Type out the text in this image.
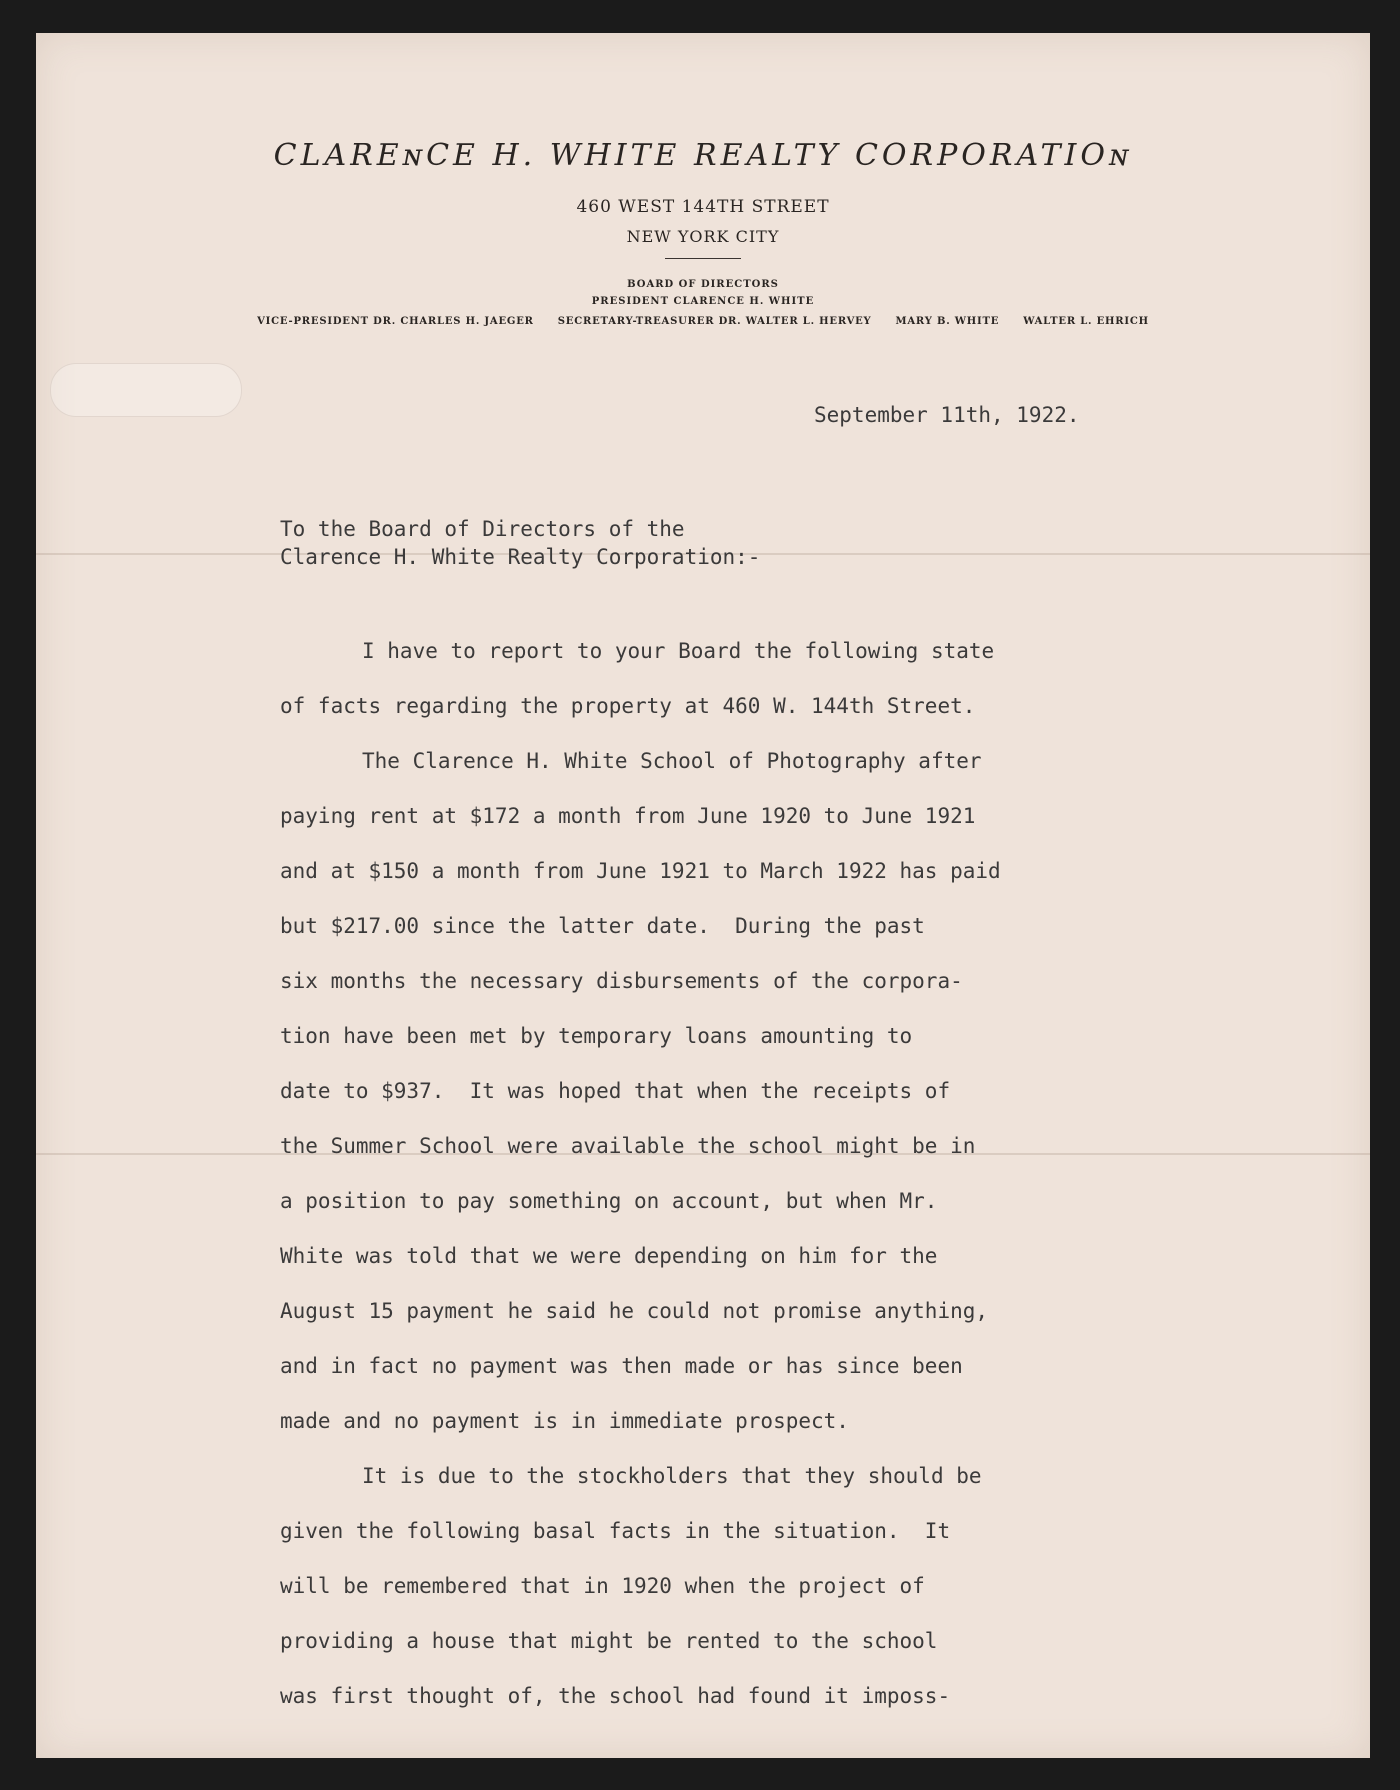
CLAREɴCE H. WHITE REALTY CORPORATIOɴ
460 WEST 144TH STREET
NEW YORK CITY
BOARD OF DIRECTORS
PRESIDENT CLARENCE H. WHITE
VICE-PRESIDENT DR. CHARLES H. JAEGER SECRETARY-TREASURER DR. WALTER L. HERVEY MARY B. WHITE WALTER L. EHRICH
September 11th, 1922.
To the Board of Directors of the
Clarence H. White Realty Corporation:-
I have to report to your Board the following state
of facts regarding the property at 460 W. 144th Street.
The Clarence H. White School of Photography after
paying rent at $172 a month from June 1920 to June 1921
and at $150 a month from June 1921 to March 1922 has paid
but $217.00 since the latter date.  During the past
six months the necessary disbursements of the corpora-
tion have been met by temporary loans amounting to
date to $937.  It was hoped that when the receipts of
the Summer School were available the school might be in
a position to pay something on account, but when Mr.
White was told that we were depending on him for the
August 15 payment he said he could not promise anything,
and in fact no payment was then made or has since been
made and no payment is in immediate prospect.
It is due to the stockholders that they should be
given the following basal facts in the situation.  It
will be remembered that in 1920 when the project of
providing a house that might be rented to the school
was first thought of, the school had found it imposs-
